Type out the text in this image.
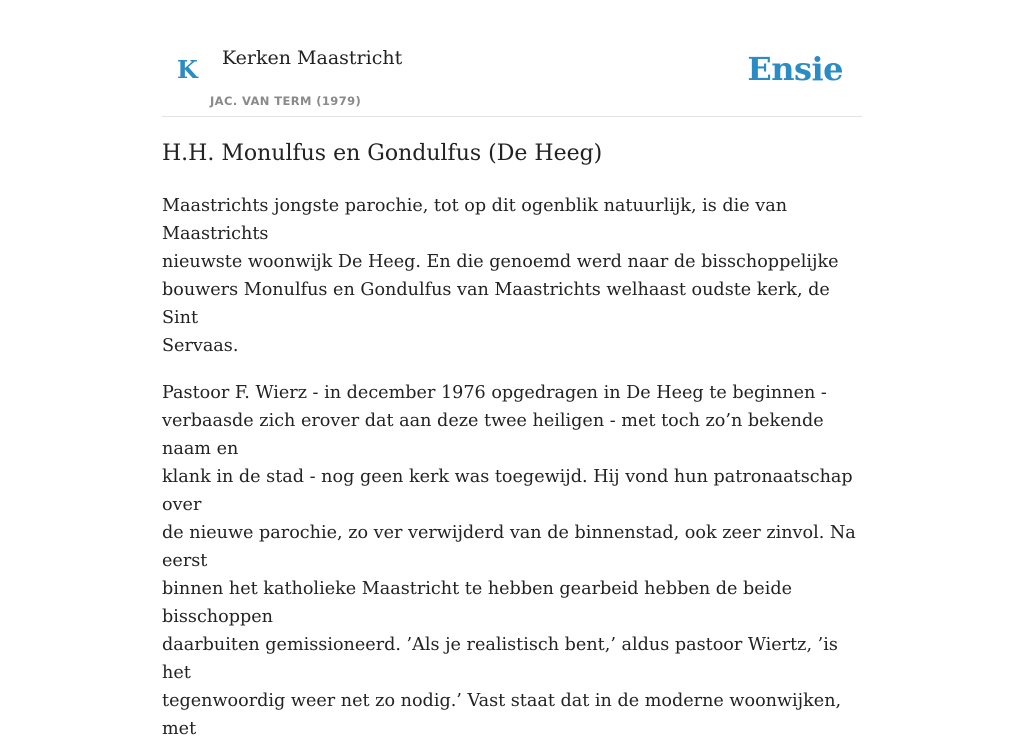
K Kerken Maastricht
JAC. VAN TERM (1979)
Ensie
H.H. Monulfus en Gondulfus (De Heeg)

Maastrichts jongste parochie, tot op dit ogenblik natuurlijk, is die van Maastrichts
nieuwste woonwijk De Heeg. En die genoemd werd naar de bisschoppelijke
bouwers Monulfus en Gondulfus van Maastrichts welhaast oudste kerk, de Sint
Servaas.

Pastoor F. Wierz - in december 1976 opgedragen in De Heeg te beginnen -
verbaasde zich erover dat aan deze twee heiligen - met toch zo’n bekende naam en
klank in de stad - nog geen kerk was toegewijd. Hij vond hun patronaatschap over
de nieuwe parochie, zo ver verwijderd van de binnenstad, ook zeer zinvol. Na eerst
binnen het katholieke Maastricht te hebben gearbeid hebben de beide bisschoppen
daarbuiten gemissioneerd. ’Als je realistisch bent,’ aldus pastoor Wiertz, ’is het
tegenwoordig weer net zo nodig.’ Vast staat dat in de moderne woonwijken, met
